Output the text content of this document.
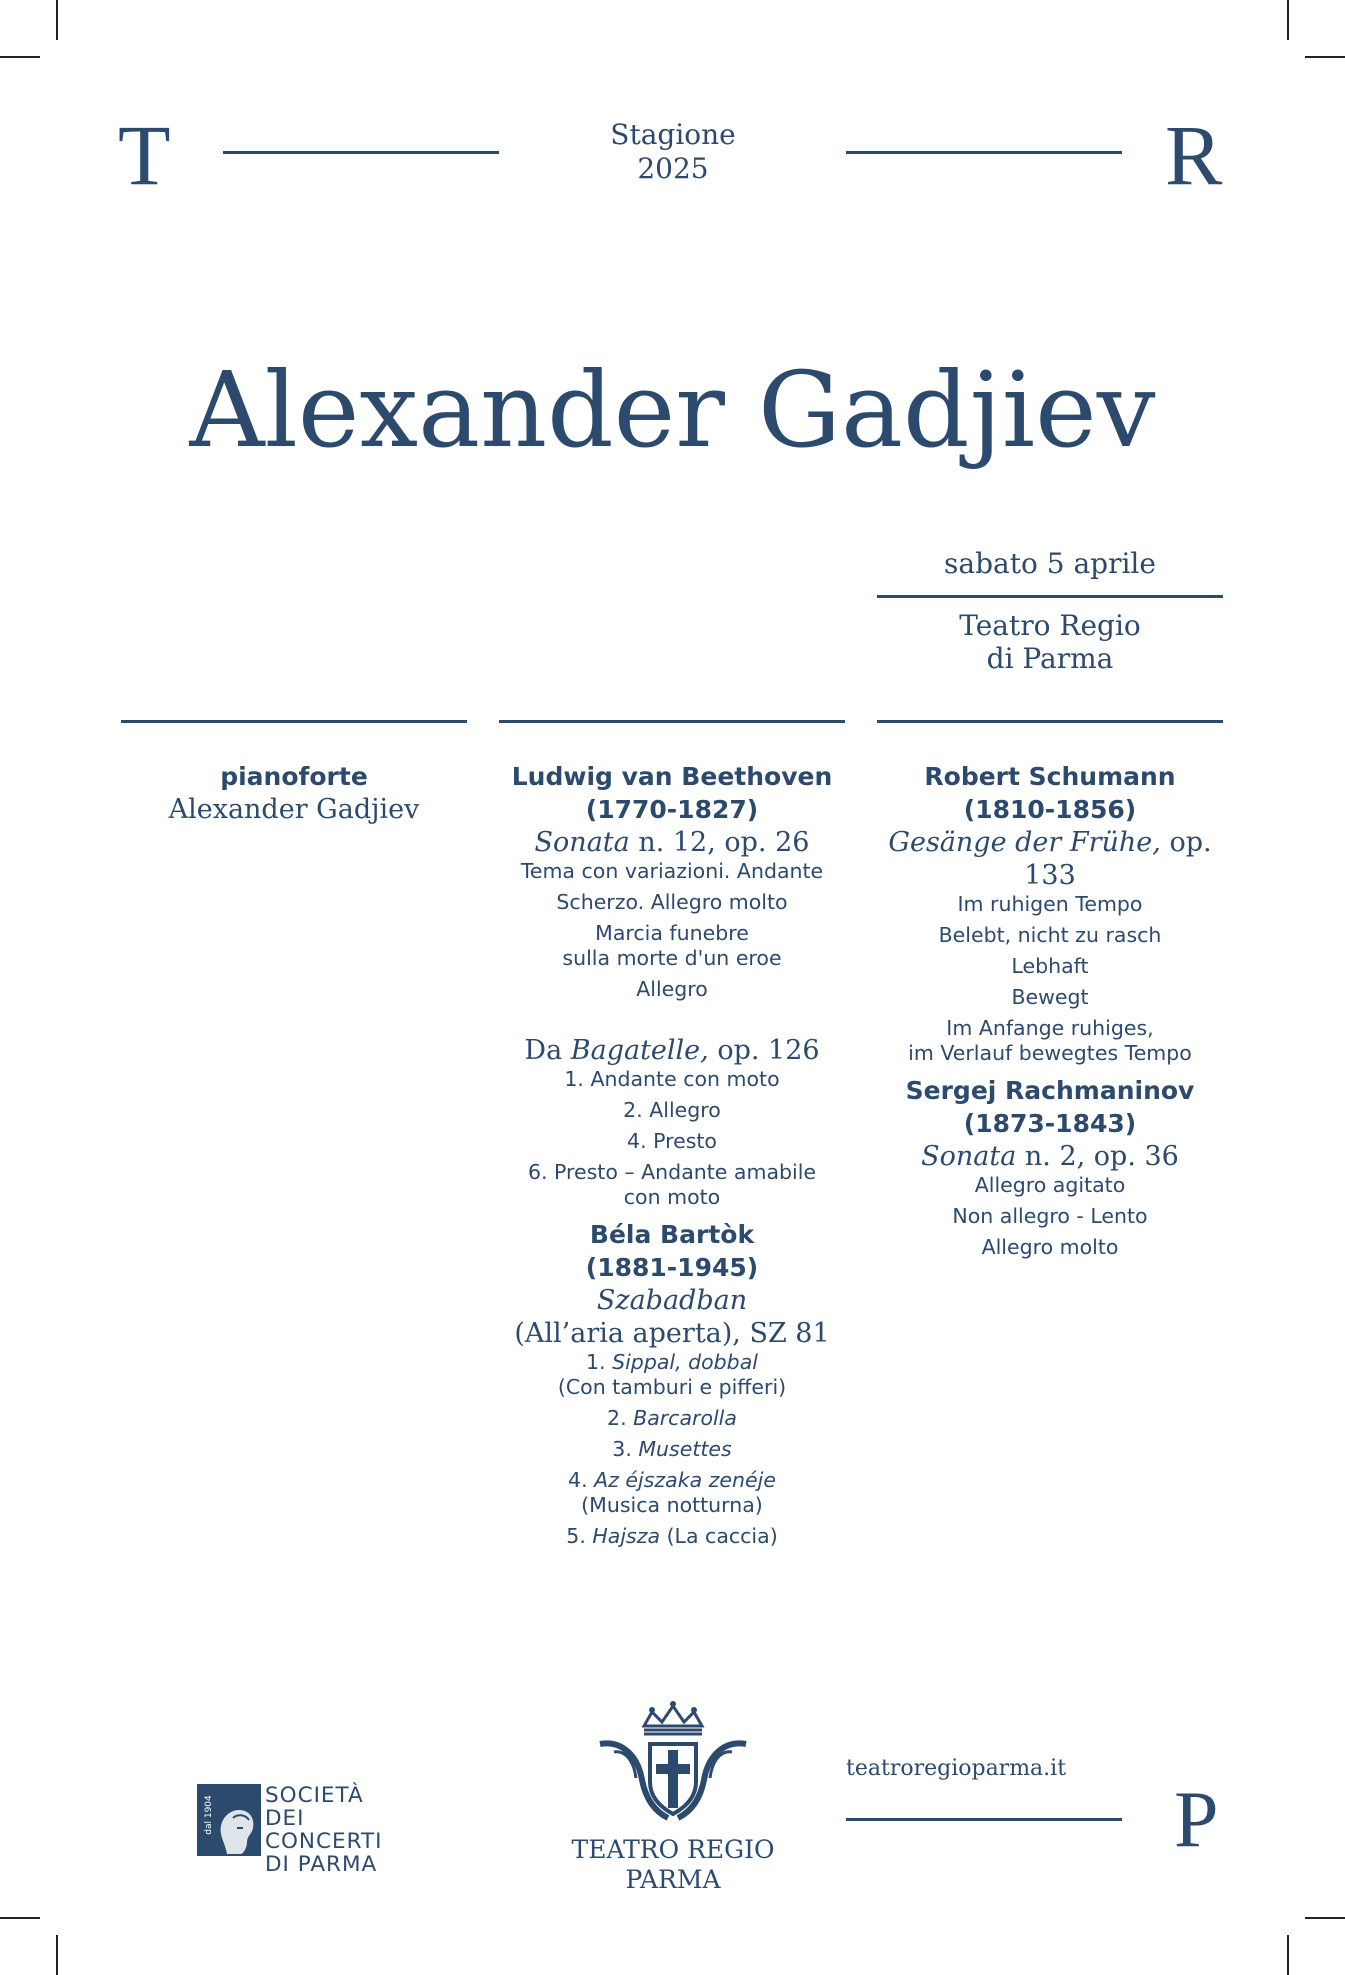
T	Stagione
2025	R
Alexander Gadjiev
sabato 5 aprile
Teatro Regio
di Parma
pianoforte
Alexander Gadjiev
Ludwig van Beethoven
(1770-1827)
Sonata n. 12, op. 26
Tema con variazioni. Andante
Scherzo. Allegro molto
Marcia funebre
sulla morte d'un eroe
Allegro
Da Bagatelle, op. 126
1. Andante con moto
2. Allegro
4. Presto
6. Presto – Andante amabile
con moto
Béla Bartòk
(1881-1945)
Szabadban
(All’aria aperta), SZ 81
1. Sippal, dobbal
(Con tamburi e pifferi)
2. Barcarolla
3. Musettes
4. Az éjszaka zenéje
(Musica notturna)
5. Hajsza (La caccia)
Robert Schumann
(1810-1856)
Gesänge der Frühe, op. 133
Im ruhigen Tempo
Belebt, nicht zu rasch
Lebhaft
Bewegt
Im Anfange ruhiges,
im Verlauf bewegtes Tempo
Sergej Rachmaninov
(1873-1843)
Sonata n. 2, op. 36
Allegro agitato
Non allegro - Lento
Allegro molto
dal 1904 SOCIETÀ DEI
CONCERTI
DI PARMA
TEATRO REGIO
PARMA
teatroregioparma.it
P
